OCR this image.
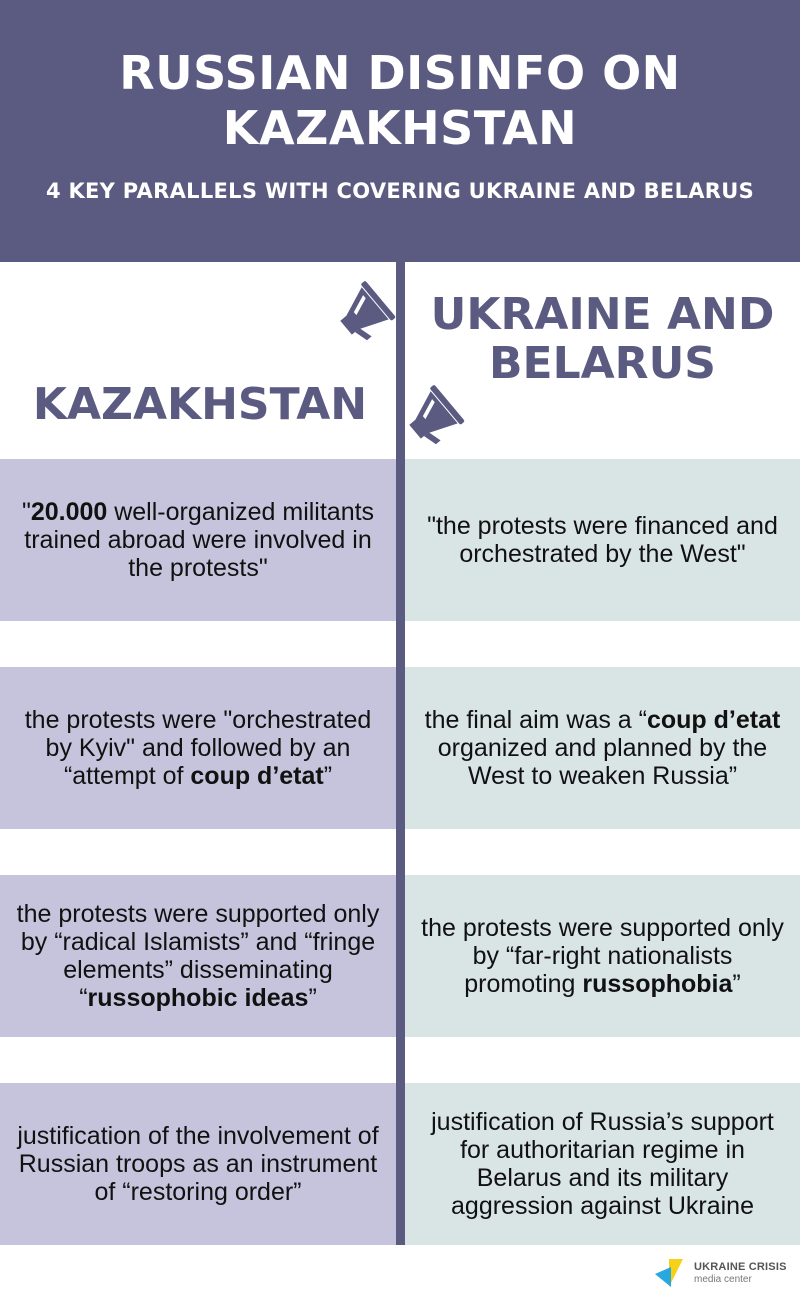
RUSSIAN DISINFO ON KAZAKHSTAN
4 KEY PARALLELS WITH COVERING UKRAINE AND BELARUS
UKRAINE AND BELARUS
KAZAKHSTAN
"20.000 well-organized militants trained abroad were involved in the protests"
"the protests were financed and orchestrated by the West"
the protests were "orchestrated by Kyiv" and followed by an “attempt of coup d’etat”
the final aim was a “coup d’etat organized and planned by the West to weaken Russia”
the protests were supported only by “radical Islamists” and “fringe elements” disseminating “russophobic ideas”
the protests were supported only by “far-right nationalists promoting russophobia”
justification of the involvement of Russian troops as an instrument of “restoring order”
justification of Russia’s support for authoritarian regime in Belarus and its military aggression against Ukraine
UKRAINE CRISIS
media center
